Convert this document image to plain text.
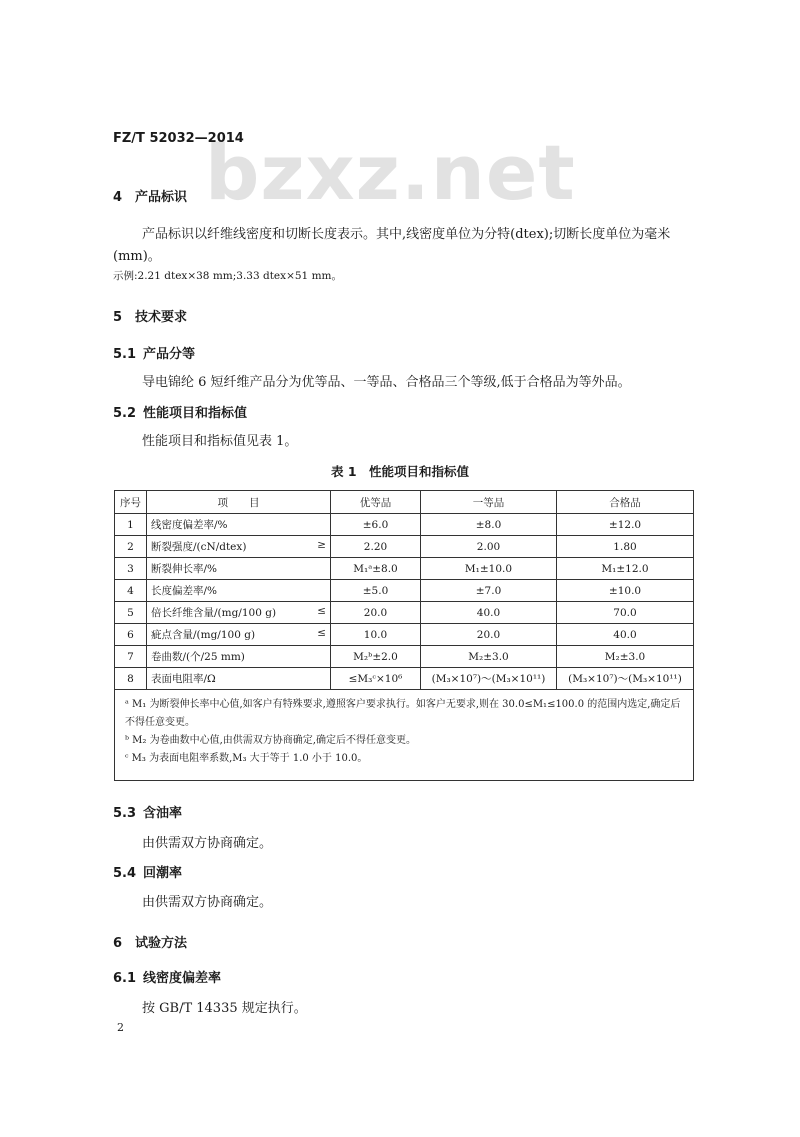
bzxz.net
FZ/T 52032—2014
4 产品标识
产品标识以纤维线密度和切断长度表示。其中,线密度单位为分特(dtex);切断长度单位为毫米
(mm)。
示例:2.21 dtex×38 mm;3.33 dtex×51 mm。
5 技术要求
5.1 产品分等
导电锦纶 6 短纤维产品分为优等品、一等品、合格品三个等级,低于合格品为等外品。
5.2 性能项目和指标值
性能项目和指标值见表 1。
表 1　性能项目和指标值
序号	项　　目	优等品	一等品	合格品
1	线密度偏差率/%	±6.0	±8.0	±12.0
2	断裂强度/(cN/dtex) ≥	2.20	2.00	1.80
3	断裂伸长率/%	M₁ᵃ±8.0	M₁±10.0	M₁±12.0
4	长度偏差率/%	±5.0	±7.0	±10.0
5	倍长纤维含量/(mg/100 g) ≤	20.0	40.0	70.0
6	疵点含量/(mg/100 g) ≤	10.0	20.0	40.0
7	卷曲数/(个/25 mm)	M₂ᵇ±2.0	M₂±3.0	M₂±3.0
8	表面电阻率/Ω	≤M₃ᶜ×10⁶	(M₃×10⁷)～(M₃×10¹¹)	(M₃×10⁷)～(M₃×10¹¹)

ᵃ M₁ 为断裂伸长率中心值,如客户有特殊要求,遵照客户要求执行。如客户无要求,则在 30.0≤M₁≤100.0 的范围内选定,确定后不得任意变更。
ᵇ M₂ 为卷曲数中心值,由供需双方协商确定,确定后不得任意变更。
ᶜ M₃ 为表面电阻率系数,M₃ 大于等于 1.0 小于 10.0。				
5.3 含油率
由供需双方协商确定。
5.4 回潮率
由供需双方协商确定。
6 试验方法
6.1 线密度偏差率
按 GB/T 14335 规定执行。
2
